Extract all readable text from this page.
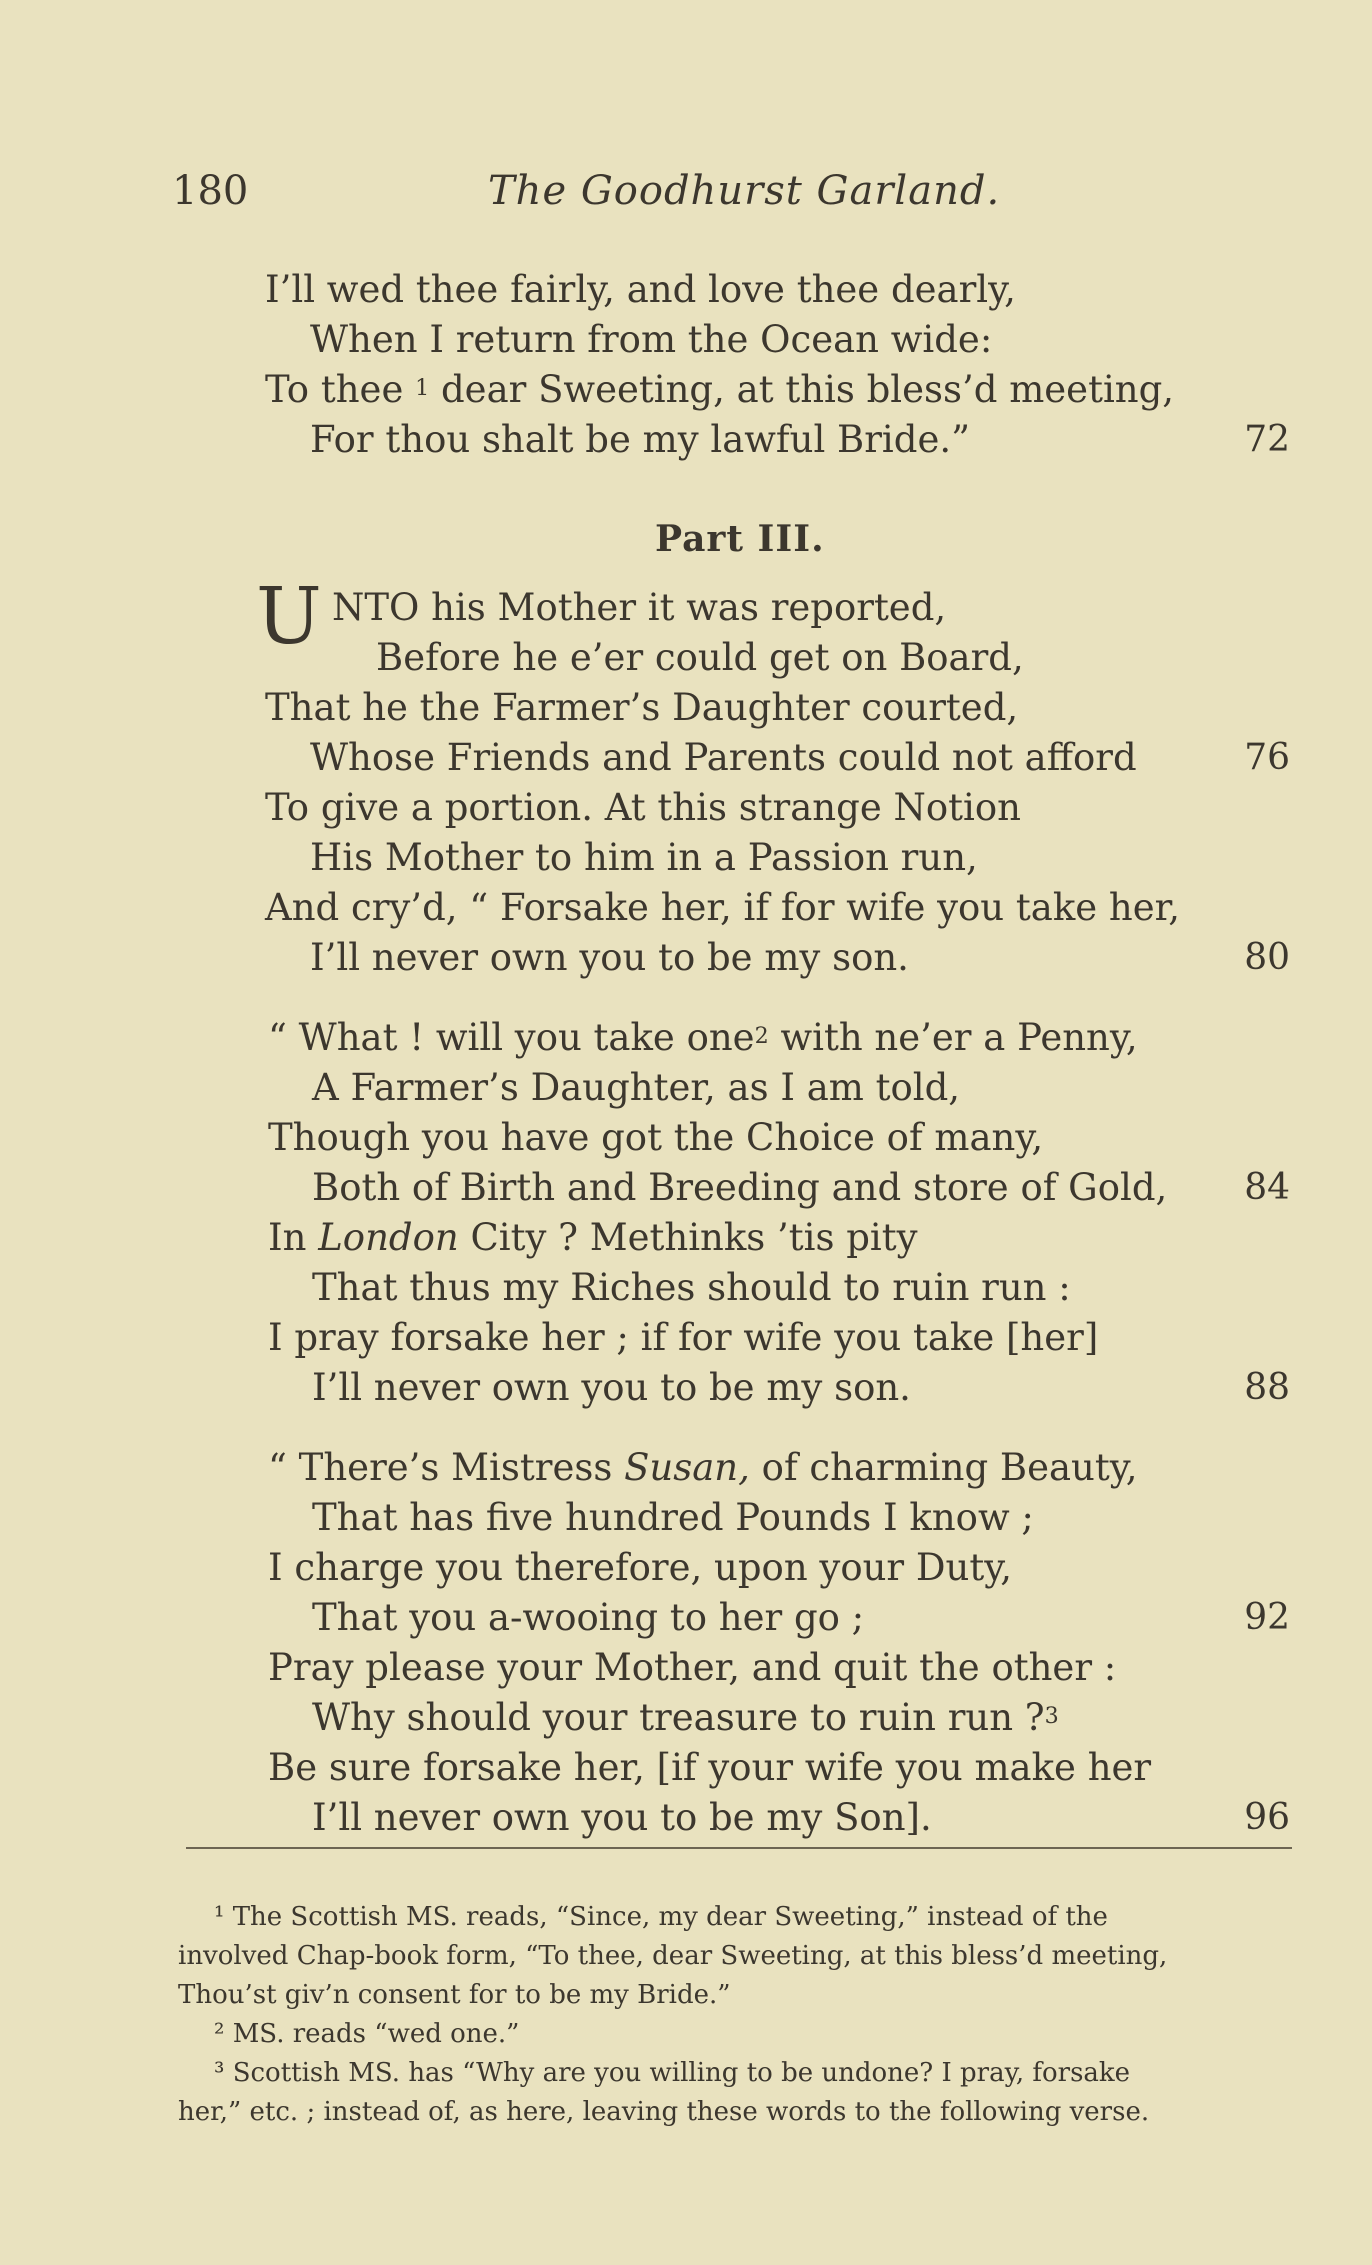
180	The Goodhurst Garland.
I’ll wed thee fairly, and love thee dearly,
When I return from the Ocean wide:
To thee $^1$ dear Sweeting, at this bless’d meeting,
For thou shalt be my lawful Bride.”	72
Part III.
U NTO his Mother it was reported,
Before he e’er could get on Board,
That he the Farmer’s Daughter courted,
Whose Friends and Parents could not afford	76
To give a portion. At this strange Notion
His Mother to him in a Passion run,
And cry’d, “ Forsake her, if for wife you take her,
I’ll never own you to be my son.	80
“ What ! will you take one$^2$ with ne’er a Penny,
A Farmer’s Daughter, as I am told,
Though you have got the Choice of many,
Both of Birth and Breeding and store of Gold, 84
In London City ? Methinks ’tis pity
That thus my Riches should to ruin run :
I pray forsake her ; if for wife you take [her]
I’ll never own you to be my son.	88
“ There’s Mistress Susan, of charming Beauty,
That has five hundred Pounds I know ;
I charge you therefore, upon your Duty,
That you a-wooing to her go ;	92
Pray please your Mother, and quit the other :
Why should your treasure to ruin run ?$^3$
Be sure forsake her, [if your wife you make her
I’ll never own you to be my Son].	96
¹ The Scottish MS. reads, “Since, my dear Sweeting,” instead of the
involved Chap-book form, “To thee, dear Sweeting, at this bless’d meeting,
Thou’st giv’n consent for to be my Bride.”
² MS. reads “wed one.”
³ Scottish MS. has “Why are you willing to be undone? I pray, forsake
her,” etc. ; instead of, as here, leaving these words to the following verse.
